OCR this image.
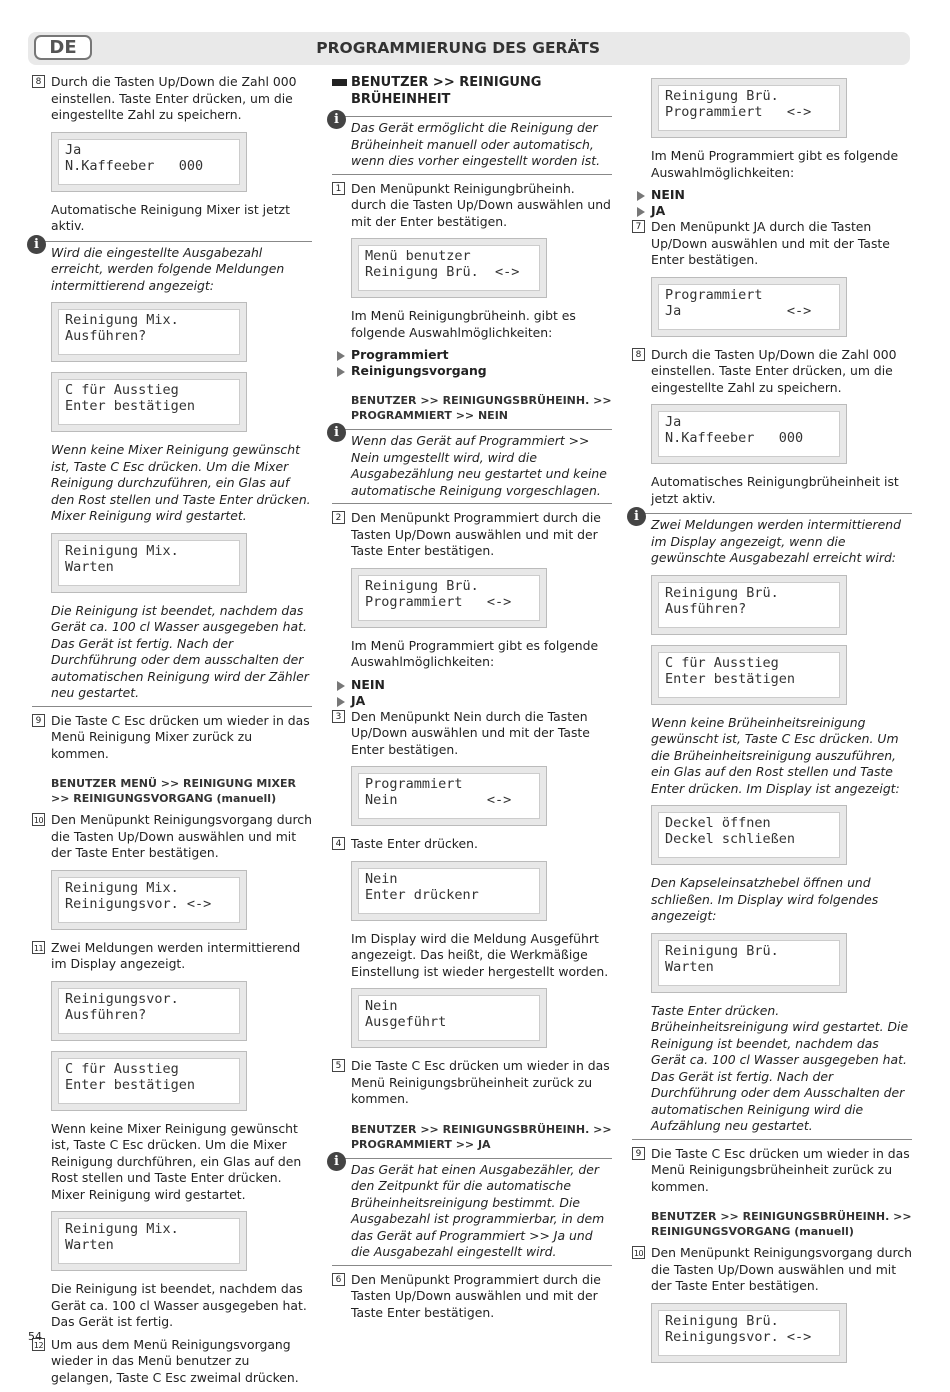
DE	PROGRAMMIERUNG DES GERÄTS
8 Durch die Tasten Up/Down die Zahl 000 einstellen. Taste Enter drücken, um die eingestellte Zahl zu speichern.
Ja
N.Kaffeeber   000
Automatische Reinigung Mixer ist jetzt aktiv.
i
Wird die eingestellte Ausgabezahl erreicht, werden folgende Meldungen intermittierend angezeigt:
Reinigung Mix.
Ausführen?
C für Ausstieg
Enter bestätigen
Wenn keine Mixer Reinigung gewünscht ist, Taste C Esc drücken. Um die Mixer Reinigung durchzuführen, ein Glas auf den Rost stellen und Taste Enter drücken. Mixer Reinigung wird gestartet.
Reinigung Mix.
Warten
Die Reinigung ist beendet, nachdem das Gerät ca. 100 cl Wasser ausgegeben hat. Das Gerät ist fertig. Nach der Durchführung oder dem ausschalten der automatischen Reinigung wird der Zähler neu gestartet.
9 Die Taste C Esc drücken um wieder in das Menü Reinigung Mixer zurück zu kommen.
BENUTZER MENÜ >> REINIGUNG MIXER >> REINIGUNGSVORGANG (manuell)
10 Den Menüpunkt Reinigungsvorgang durch die Tasten Up/Down auswählen und mit der Taste Enter bestätigen.
Reinigung Mix.
Reinigungsvor. <->
11 Zwei Meldungen werden intermittierend im Display angezeigt.
Reinigungsvor.
Ausführen?
C für Ausstieg
Enter bestätigen
Wenn keine Mixer Reinigung gewünscht ist, Taste C Esc drücken. Um die Mixer Reinigung durchführen, ein Glas auf den Rost stellen und Taste Enter drücken. Mixer Reinigung wird gestartet.
Reinigung Mix.
Warten
Die Reinigung ist beendet, nachdem das Gerät ca. 100 cl Wasser ausgegeben hat. Das Gerät ist fertig.
12 Um aus dem Menü Reinigungsvorgang wieder in das Menü benutzer zu gelangen, Taste C Esc zweimal drücken.
BENUTZER >> REINIGUNG BRÜHEINHEIT
i
Das Gerät ermöglicht die Reinigung der Brüheinheit manuell oder automatisch, wenn dies vorher eingestellt worden ist.
1 Den Menüpunkt Reinigungbrüheinh. durch die Tasten Up/Down auswählen und mit der Enter bestätigen.
Menü benutzer
Reinigung Brü.  <->
Im Menü Reinigungbrüheinh. gibt es folgende Auswahlmöglichkeiten:
Programmiert
Reinigungsvorgang
BENUTZER >> REINIGUNGSBRÜHEINH. >> PROGRAMMIERT >> NEIN
i
Wenn das Gerät auf Programmiert >> Nein umgestellt wird, wird die Ausgabezählung neu gestartet und keine automatische Reinigung vorgeschlagen.
2 Den Menüpunkt Programmiert durch die Tasten Up/Down auswählen und mit der Taste Enter bestätigen.
Reinigung Brü.
Programmiert   <->
Im Menü Programmiert gibt es folgende Auswahlmöglichkeiten:
NEIN
JA
3 Den Menüpunkt Nein durch die Tasten Up/Down auswählen und mit der Taste Enter bestätigen.
Programmiert
Nein           <->
4 Taste Enter drücken.
Nein
Enter drückenr
Im Display wird die Meldung Ausgeführt angezeigt. Das heißt, die Werkmäßige Einstellung ist wieder hergestellt worden.
Nein
Ausgeführt
5 Die Taste C Esc drücken um wieder in das Menü Reinigungsbrüheinheit zurück zu kommen.
BENUTZER >> REINIGUNGSBRÜHEINH. >> PROGRAMMIERT >> JA
i
Das Gerät hat einen Ausgabezähler, der den Zeitpunkt für die automatische Brüheinheitsreinigung bestimmt. Die Ausgabezahl ist programmierbar, in dem das Gerät auf Programmiert >> Ja und die Ausgabezahl eingestellt wird.
6 Den Menüpunkt Programmiert durch die Tasten Up/Down auswählen und mit der Taste Enter bestätigen.
Reinigung Brü.
Programmiert   <->
Im Menü Programmiert gibt es folgende Auswahlmöglichkeiten:
NEIN
JA
7 Den Menüpunkt JA durch die Tasten Up/Down auswählen und mit der Taste Enter bestätigen.
Programmiert
Ja             <->
8 Durch die Tasten Up/Down die Zahl 000 einstellen. Taste Enter drücken, um die eingestellte Zahl zu speichern.
Ja
N.Kaffeeber   000
Automatisches Reinigungbrüheinheit ist jetzt aktiv.
i
Zwei Meldungen werden intermittierend im Display angezeigt, wenn die gewünschte Ausgabezahl erreicht wird:
Reinigung Brü.
Ausführen?
C für Ausstieg
Enter bestätigen
Wenn keine Brüheinheitsreinigung gewünscht ist, Taste C Esc drücken. Um die Brüheinheitsreinigung auszuführen, ein Glas auf den Rost stellen und Taste Enter drücken. Im Display ist angezeigt:
Deckel öffnen
Deckel schließen
Den Kapseleinsatzhebel öffnen und schließen. Im Display wird folgendes angezeigt:
Reinigung Brü.
Warten
Taste Enter drücken. Brüheinheitsreinigung wird gestartet. Die Reinigung ist beendet, nachdem das Gerät ca. 100 cl Wasser ausgegeben hat. Das Gerät ist fertig. Nach der Durchführung oder dem Ausschalten der automatischen Reinigung wird die Aufzählung neu gestartet.
9 Die Taste C Esc drücken um wieder in das Menü Reinigungsbrüheinheit zurück zu kommen.
BENUTZER >> REINIGUNGSBRÜHEINH. >> REINIGUNGSVORGANG (manuell)
10 Den Menüpunkt Reinigungsvorgang durch die Tasten Up/Down auswählen und mit der Taste Enter bestätigen.
Reinigung Brü.
Reinigungsvor. <->
54
